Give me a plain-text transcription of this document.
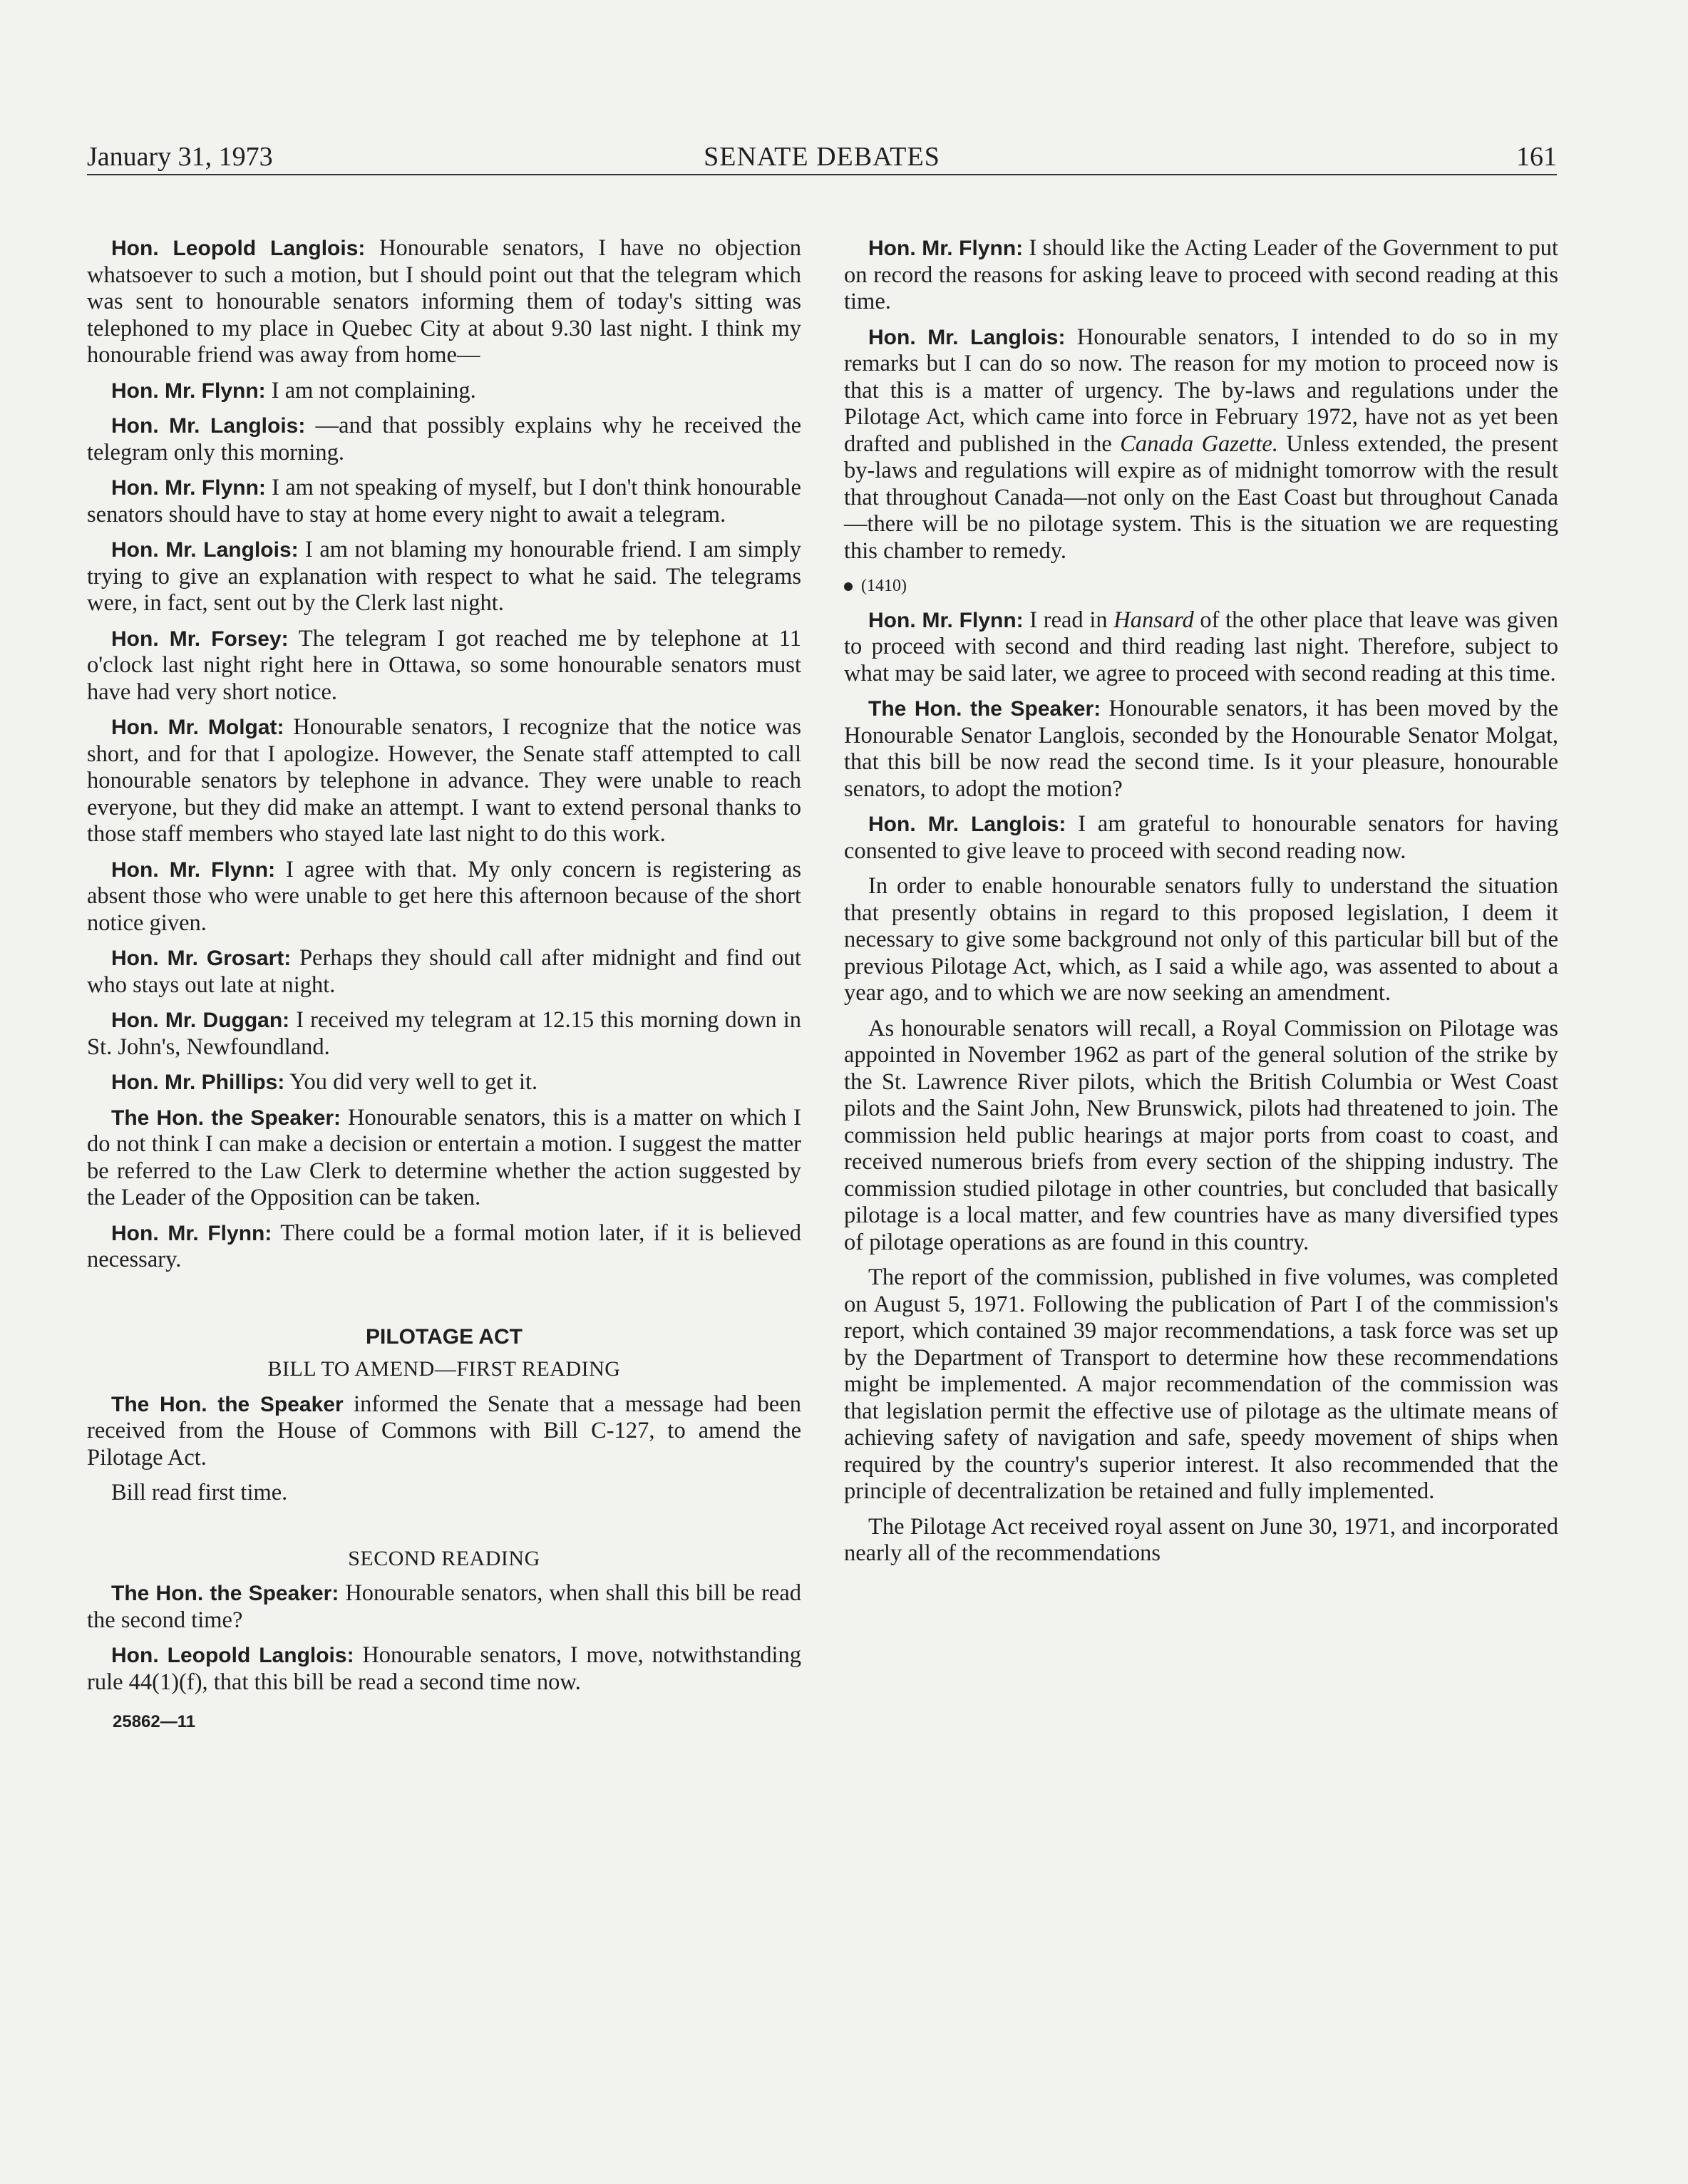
January 31, 1973	SENATE DEBATES	161

Hon. Leopold Langlois: Honourable senators, I have no objection whatsoever to such a motion, but I should point out that the telegram which was sent to honourable senators informing them of today's sitting was telephoned to my place in Quebec City at about 9.30 last night. I think my honourable friend was away from home—

Hon. Mr. Flynn: I am not complaining.

Hon. Mr. Langlois: —and that possibly explains why he received the telegram only this morning.

Hon. Mr. Flynn: I am not speaking of myself, but I don't think honourable senators should have to stay at home every night to await a telegram.

Hon. Mr. Langlois: I am not blaming my honourable friend. I am simply trying to give an explanation with respect to what he said. The telegrams were, in fact, sent out by the Clerk last night.

Hon. Mr. Forsey: The telegram I got reached me by telephone at 11 o'clock last night right here in Ottawa, so some honourable senators must have had very short notice.

Hon. Mr. Molgat: Honourable senators, I recognize that the notice was short, and for that I apologize. However, the Senate staff attempted to call honourable senators by telephone in advance. They were unable to reach everyone, but they did make an attempt. I want to extend personal thanks to those staff members who stayed late last night to do this work.

Hon. Mr. Flynn: I agree with that. My only concern is registering as absent those who were unable to get here this afternoon because of the short notice given.

Hon. Mr. Grosart: Perhaps they should call after midnight and find out who stays out late at night.

Hon. Mr. Duggan: I received my telegram at 12.15 this morning down in St. John's, Newfoundland.

Hon. Mr. Phillips: You did very well to get it.

The Hon. the Speaker: Honourable senators, this is a matter on which I do not think I can make a decision or entertain a motion. I suggest the matter be referred to the Law Clerk to determine whether the action suggested by the Leader of the Opposition can be taken.

Hon. Mr. Flynn: There could be a formal motion later, if it is believed necessary.

PILOTAGE ACT
BILL TO AMEND—FIRST READING

The Hon. the Speaker informed the Senate that a message had been received from the House of Commons with Bill C-127, to amend the Pilotage Act.

Bill read first time.

SECOND READING

The Hon. the Speaker: Honourable senators, when shall this bill be read the second time?

Hon. Leopold Langlois: Honourable senators, I move, notwithstanding rule 44(1)(f), that this bill be read a second time now.

25862—11

Hon. Mr. Flynn: I should like the Acting Leader of the Government to put on record the reasons for asking leave to proceed with second reading at this time.

Hon. Mr. Langlois: Honourable senators, I intended to do so in my remarks but I can do so now. The reason for my motion to proceed now is that this is a matter of urgency. The by-laws and regulations under the Pilotage Act, which came into force in February 1972, have not as yet been drafted and published in the Canada Gazette. Unless extended, the present by-laws and regulations will expire as of midnight tomorrow with the result that throughout Canada—not only on the East Coast but throughout Canada—there will be no pilotage system. This is the situation we are requesting this chamber to remedy.

(1410)

Hon. Mr. Flynn: I read in Hansard of the other place that leave was given to proceed with second and third reading last night. Therefore, subject to what may be said later, we agree to proceed with second reading at this time.

The Hon. the Speaker: Honourable senators, it has been moved by the Honourable Senator Langlois, seconded by the Honourable Senator Molgat, that this bill be now read the second time. Is it your pleasure, honourable senators, to adopt the motion?

Hon. Mr. Langlois: I am grateful to honourable senators for having consented to give leave to proceed with second reading now.

In order to enable honourable senators fully to understand the situation that presently obtains in regard to this proposed legislation, I deem it necessary to give some background not only of this particular bill but of the previous Pilotage Act, which, as I said a while ago, was assented to about a year ago, and to which we are now seeking an amendment.

As honourable senators will recall, a Royal Commission on Pilotage was appointed in November 1962 as part of the general solution of the strike by the St. Lawrence River pilots, which the British Columbia or West Coast pilots and the Saint John, New Brunswick, pilots had threatened to join. The commission held public hearings at major ports from coast to coast, and received numerous briefs from every section of the shipping industry. The commission studied pilotage in other countries, but concluded that basically pilotage is a local matter, and few countries have as many diversified types of pilotage operations as are found in this country.

The report of the commission, published in five volumes, was completed on August 5, 1971. Following the publication of Part I of the commission's report, which contained 39 major recommendations, a task force was set up by the Department of Transport to determine how these recommendations might be implemented. A major recommendation of the commission was that legislation permit the effective use of pilotage as the ultimate means of achieving safety of navigation and safe, speedy movement of ships when required by the country's superior interest. It also recommended that the principle of decentralization be retained and fully implemented.

The Pilotage Act received royal assent on June 30, 1971, and incorporated nearly all of the recommendations
